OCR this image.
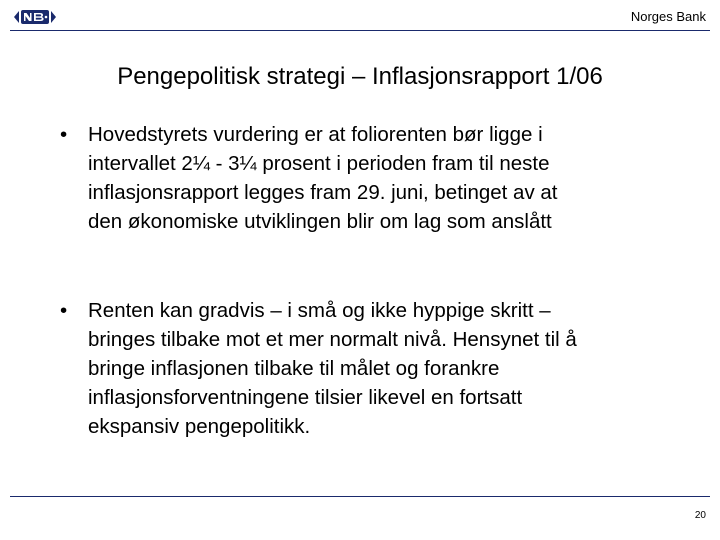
Norges Bank
Pengepolitisk strategi – Inflasjonsrapport 1/06
•	Hovedstyrets vurdering er at foliorenten bør ligge i
intervallet 2¼ - 3¼ prosent i perioden fram til neste
inflasjonsrapport legges fram 29. juni, betinget av at
den økonomiske utviklingen blir om lag som anslått
•	Renten kan gradvis – i små og ikke hyppige skritt –
bringes tilbake mot et mer normalt nivå. Hensynet til å
bringe inflasjonen tilbake til målet og forankre
inflasjonsforventningene tilsier likevel en fortsatt
ekspansiv pengepolitikk.
20
